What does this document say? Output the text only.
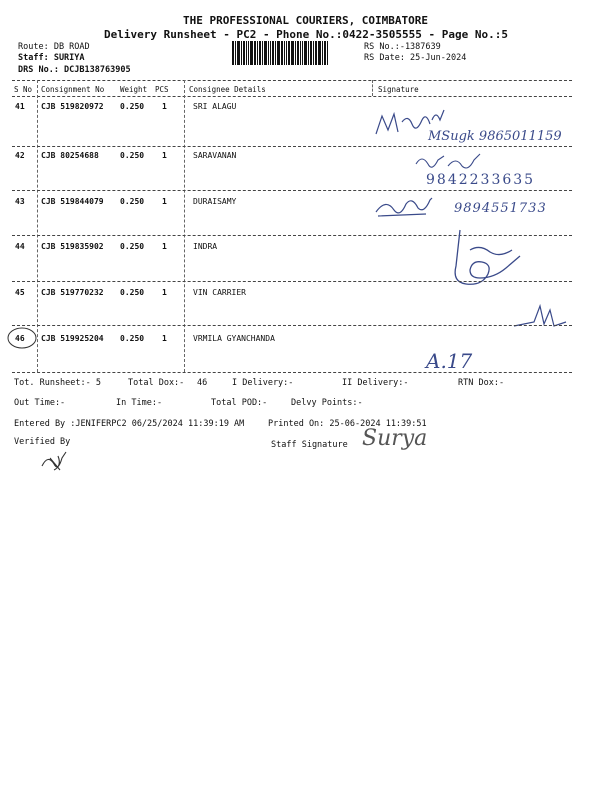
THE PROFESSIONAL COURIERS, COIMBATORE
Delivery Runsheet - PC2 - Phone No.:0422-3505555 - Page No.:5
Route: DB ROAD
Staff: SURIYA
DRS No.: DCJB138763905
RS No.:-1387639
RS Date: 25-Jun-2024
S No Consignment No Weight PCS	Consignee Details	Signature
41 CJB 519820972 0.250 1	SRI ALAGU
MSugk 9865011159
42 CJB 80254688	0.250 1	SARAVANAN
9842233635
43 CJB 519844079 0.250 1	DURAISAMY	9894551733
44 CJB 519835902 0.250 1	INDRA
45 CJB 519770232 0.250 1	VIN CARRIER
46 CJB 519925204 0.250 1	VRMILA GYANCHANDA
A.17
Tot. Runsheet:- 5	Total Dox:- 46	I Delivery:-	II Delivery:-	RTN Dox:-
Out Time:-	In Time:-	Total POD:-	Delvy Points:-
Entered By :JENIFERPC2 06/25/2024 11:39:19 AM	Printed On: 25-06-2024 11:39:51
Verified By	Staff Signature Surya
